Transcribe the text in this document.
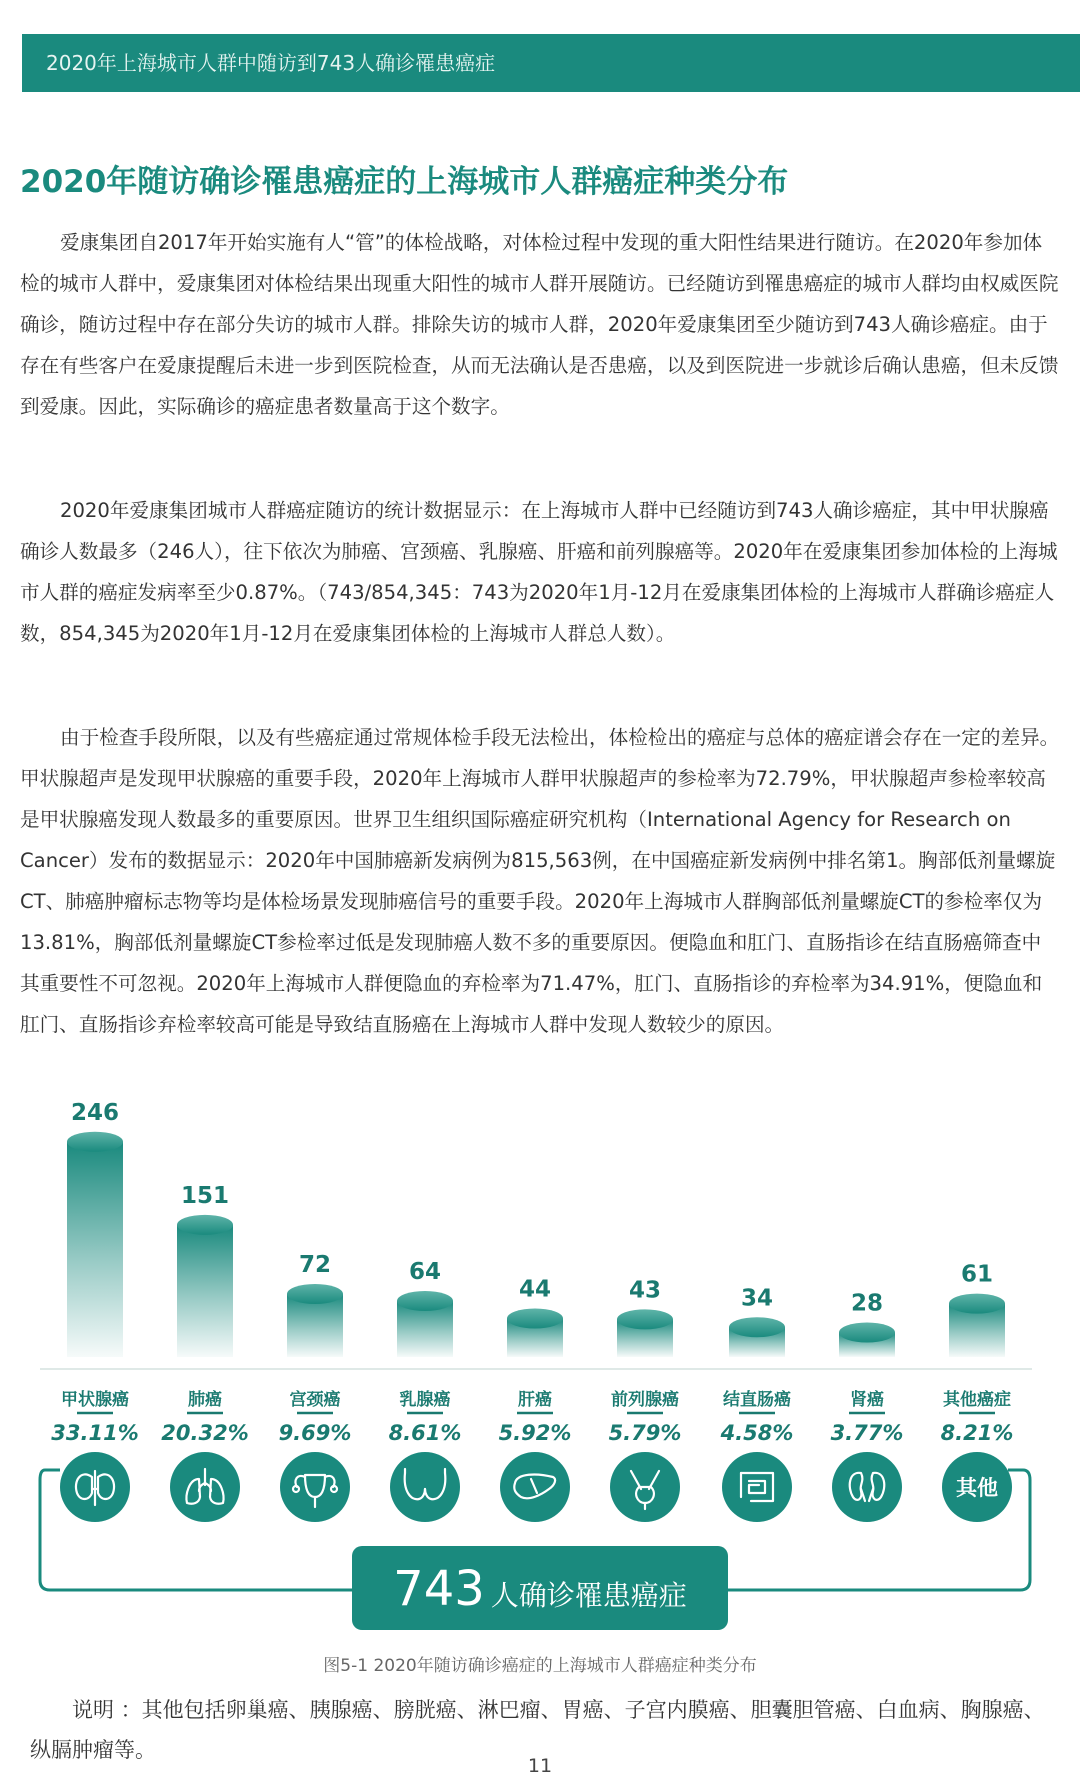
2020年上海城市人群中随访到743人确诊罹患癌症
2020年随访确诊罹患癌症的上海城市人群癌症种类分布
爱康集团自2017年开始实施有人“管”的体检战略，对体检过程中发现的重大阳性结果进行随访。在2020年参加体检的城市人群中，爱康集团对体检结果出现重大阳性的城市人群开展随访。已经随访到罹患癌症的城市人群均由权威医院确诊，随访过程中存在部分失访的城市人群。排除失访的城市人群，2020年爱康集团至少随访到743人确诊癌症。由于存在有些客户在爱康提醒后未进一步到医院检查，从而无法确认是否患癌，以及到医院进一步就诊后确认患癌，但未反馈到爱康。因此，实际确诊的癌症患者数量高于这个数字。
2020年爱康集团城市人群癌症随访的统计数据显示：在上海城市人群中已经随访到743人确诊癌症，其中甲状腺癌确诊人数最多（246人），往下依次为肺癌、宫颈癌、乳腺癌、肝癌和前列腺癌等。2020年在爱康集团参加体检的上海城市人群的癌症发病率至少0.87%。（743/854,345：743为2020年1月-12月在爱康集团体检的上海城市人群确诊癌症人数，854,345为2020年1月-12月在爱康集团体检的上海城市人群总人数）。
由于检查手段所限，以及有些癌症通过常规体检手段无法检出，体检检出的癌症与总体的癌症谱会存在一定的差异。甲状腺超声是发现甲状腺癌的重要手段，2020年上海城市人群甲状腺超声的参检率为72.79%，甲状腺超声参检率较高是甲状腺癌发现人数最多的重要原因。世界卫生组织国际癌症研究机构（International Agency for Research on Cancer）发布的数据显示：2020年中国肺癌新发病例为815,563例，在中国癌症新发病例中排名第1。胸部低剂量螺旋CT、肺癌肿瘤标志物等均是体检场景发现肺癌信号的重要手段。2020年上海城市人群胸部低剂量螺旋CT的参检率仅为13.81%，胸部低剂量螺旋CT参检率过低是发现肺癌人数不多的重要原因。便隐血和肛门、直肠指诊在结直肠癌筛查中其重要性不可忽视。2020年上海城市人群便隐血的弃检率为71.47%，肛门、直肠指诊的弃检率为34.91%，便隐血和肛门、直肠指诊弃检率较高可能是导致结直肠癌在上海城市人群中发现人数较少的原因。
246
甲状腺癌
33.11%
151
肺癌
20.32%
72
宫颈癌
9.69%
64
乳腺癌
8.61%
44
肝癌
5.92%
43
前列腺癌
5.79%
34
结直肠癌
4.58%
28
肾癌
3.77%
61
其他癌症
8.21%
其他
743 人确诊罹患癌症
图5-1 2020年随访确诊癌症的上海城市人群癌症种类分布
说明 ：其他包括卵巢癌、胰腺癌、膀胱癌、淋巴瘤、胃癌、子宫内膜癌、胆囊胆管癌、白血病、胸腺癌、纵膈肿瘤等。
11
